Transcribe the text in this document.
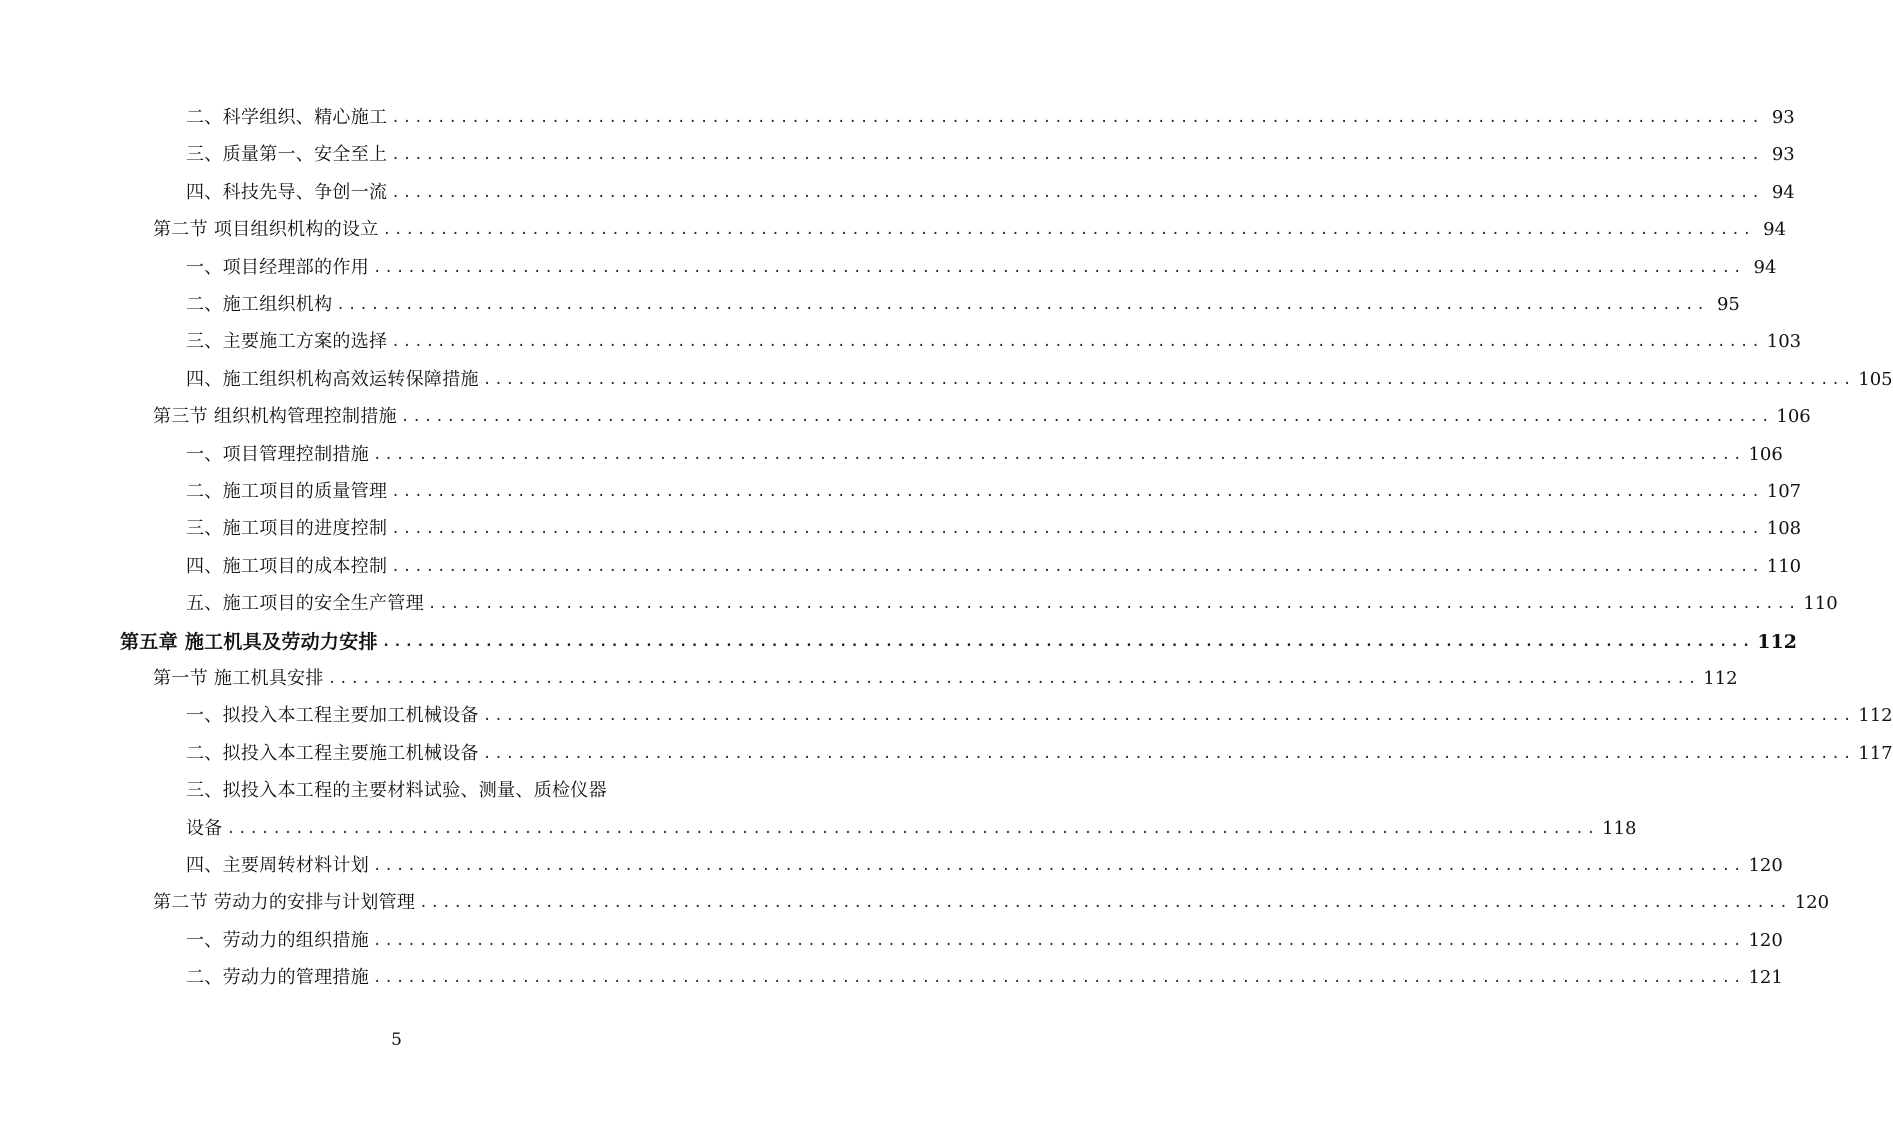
二、科学组织、精心施工 ........................................................................................................................ 93
三、质量第一、安全至上 ........................................................................................................................ 93
四、科技先导、争创一流 ........................................................................................................................ 94
第二节 项目组织机构的设立 ........................................................................................................................ 94
一、项目经理部的作用 ........................................................................................................................ 94
二、施工组织机构 ........................................................................................................................ 95
三、主要施工方案的选择 ........................................................................................................................ 103
四、施工组织机构高效运转保障措施 ........................................................................................................................ 105
第三节 组织机构管理控制措施 ........................................................................................................................ 106
一、项目管理控制措施 ........................................................................................................................ 106
二、施工项目的质量管理 ........................................................................................................................ 107
三、施工项目的进度控制 ........................................................................................................................ 108
四、施工项目的成本控制 ........................................................................................................................ 110
五、施工项目的安全生产管理 ........................................................................................................................ 110
第五章 施工机具及劳动力安排 ........................................................................................................................ 112
第一节 施工机具安排 ........................................................................................................................ 112
一、拟投入本工程主要加工机械设备 ........................................................................................................................ 112
二、拟投入本工程主要施工机械设备 ........................................................................................................................ 117
三、拟投入本工程的主要材料试验、测量、质检仪器
设备 ........................................................................................................................ 118
四、主要周转材料计划 ........................................................................................................................ 120
第二节 劳动力的安排与计划管理 ........................................................................................................................ 120
一、劳动力的组织措施 ........................................................................................................................ 120
二、劳动力的管理措施 ........................................................................................................................ 121
5
